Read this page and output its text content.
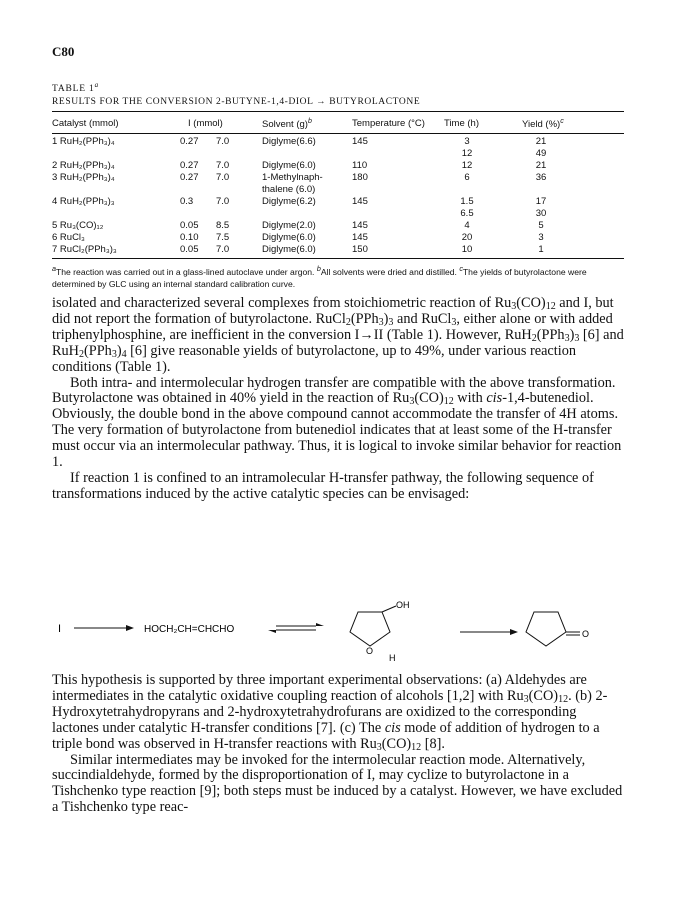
C80
TABLE 1$^a$
RESULTS FOR THE CONVERSION 2-BUTYNE-1,4-DIOL → BUTYROLACTONE
Catalyst (mmol)	I (mmol)	Solvent $(g)^b$	Temperature (°C) Time (h)	Yield (%)$^c$
1 RuH₂(PPh₃)₄	0.27 7.0	Diglyme(6.6)	145	3	21
12	49
2 RuH₂(PPh₃)₄	0.27 7.0	Diglyme(6.0)	110	12	21
3 RuH₂(PPh₃)₄	0.27 7.0	1-Methylnaph-	180	6	36
thalene (6.0)
4 RuH₂(PPh₃)₃	0.3 7.0	Diglyme(6.2)	145	1.5	17
6.5	30
5 Ru₃(CO)₁₂	0.05 8.5	Diglyme(2.0)	145	4	5
6 RuCl₃	0.10 7.5	Diglyme(6.0)	145	20	3
7 RuCl₂(PPh₃)₃	0.05 7.0	Diglyme(6.0)	150	10	1
$^a$The reaction was carried out in a glass-lined autoclave under argon. $^b$All solvents were dried and distilled. $^c$The yields of butyrolactone were determined by GLC using an internal standard calibration curve.

isolated and characterized several complexes from stoichiometric reaction of $Ru_3(CO)_{12}$ and I, but did not report the formation of butyrolactone. $RuCl_2(PPh_3)_3$ and RuCl$_3$, either alone or with added triphenylphosphine, are inefficient in the conversion I→II (Table 1). However, $RuH_2(PPh_3)_3$ [6] and $RuH_2(PPh_3)_4$ [6] give reasonable yields of butyrolactone, up to 49%, under various reaction conditions (Table 1).

Both intra- and intermolecular hydrogen transfer are compatible with the above transformation. Butyrolactone was obtained in 40% yield in the reaction of $Ru_3(CO)_{12}$ with cis-1,4-butenediol. Obviously, the double bond in the above compound cannot accommodate the transfer of 4H atoms. The very formation of butyrolactone from butenediol indicates that at least some of the H-transfer must occur via an intermolecular pathway. Thus, it is logical to invoke similar behavior for reaction 1.

If reaction 1 is confined to an intramolecular H-transfer pathway, the following sequence of transformations induced by the active catalytic species can be envisaged:

I	HOCH₂CH=CHCHO
OH
O
H
O

This hypothesis is supported by three important experimental observations: (a) Aldehydes are intermediates in the catalytic oxidative coupling reaction of alcohols [1,2] with $Ru_3(CO)_{12}$. (b) 2-Hydroxytetrahydropyrans and 2-hydroxytetrahydrofurans are oxidized to the corresponding lactones under catalytic H-transfer conditions [7]. (c) The cis mode of addition of hydrogen to a triple bond was observed in H-transfer reactions with $Ru_3(CO)_{12}$ [8].

Similar intermediates may be invoked for the intermolecular reaction mode. Alternatively, succindialdehyde, formed by the disproportionation of I, may cyclize to butyrolactone in a Tishchenko type reaction [9]; both steps must be induced by a catalyst. However, we have excluded a Tishchenko type reac-
